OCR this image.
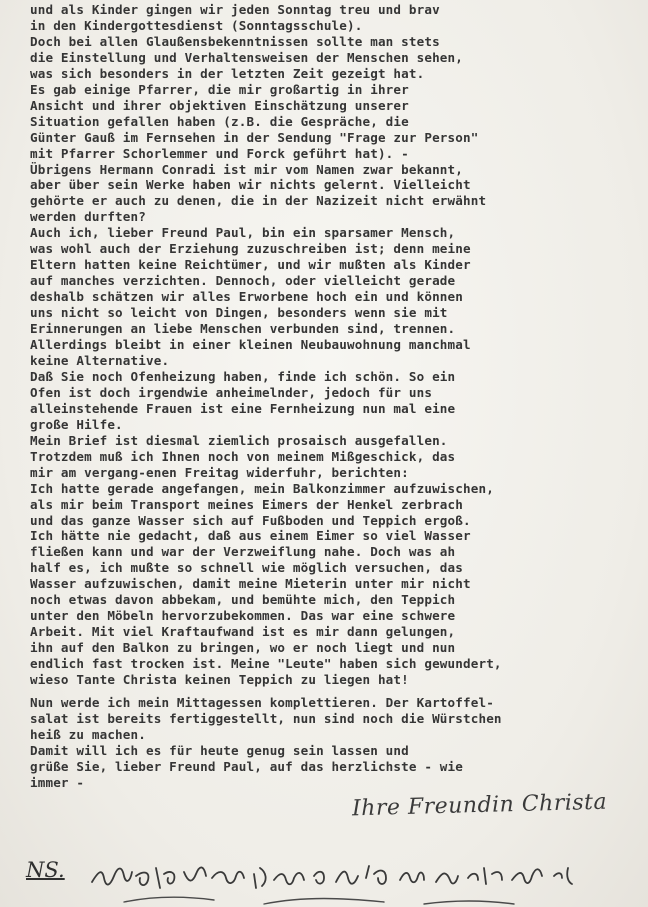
und als Kinder gingen wir jeden Sonntag treu und brav
in den Kindergottesdienst (Sonntagsschule).
Doch bei allen Glaußensbekenntnissen sollte man stets
die Einstellung und Verhaltensweisen der Menschen sehen,
was sich besonders in der letzten Zeit gezeigt hat.
Es gab einige Pfarrer, die mir großartig in ihrer
Ansicht und ihrer objektiven Einschätzung unserer
Situation gefallen haben (z.B. die Gespräche, die
Günter Gauß im Fernsehen in der Sendung "Frage zur Person"
mit Pfarrer Schorlemmer und Forck geführt hat). -
Übrigens Hermann Conradi ist mir vom Namen zwar bekannt,
aber über sein Werke haben wir nichts gelernt. Vielleicht
gehörte er auch zu denen, die in der Nazizeit nicht erwähnt
werden durften?
Auch ich, lieber Freund Paul, bin ein sparsamer Mensch,
was wohl auch der Erziehung zuzuschreiben ist; denn meine
Eltern hatten keine Reichtümer, und wir mußten als Kinder
auf manches verzichten. Dennoch, oder vielleicht gerade
deshalb schätzen wir alles Erworbene hoch ein und können
uns nicht so leicht von Dingen, besonders wenn sie mit
Erinnerungen an liebe Menschen verbunden sind, trennen.
Allerdings bleibt in einer kleinen Neubauwohnung manchmal
keine Alternative.
Daß Sie noch Ofenheizung haben, finde ich schön. So ein
Ofen ist doch irgendwie anheimelnder, jedoch für uns
alleinstehende Frauen ist eine Fernheizung nun mal eine
große Hilfe.
Mein Brief ist diesmal ziemlich prosaisch ausgefallen.
Trotzdem muß ich Ihnen noch von meinem Mißgeschick, das
mir am vergang-enen Freitag widerfuhr, berichten:
Ich hatte gerade angefangen, mein Balkonzimmer aufzuwischen,
als mir beim Transport meines Eimers der Henkel zerbrach
und das ganze Wasser sich auf Fußboden und Teppich ergoß.
Ich hätte nie gedacht, daß aus einem Eimer so viel Wasser
fließen kann und war der Verzweiflung nahe. Doch was ah
half es, ich mußte so schnell wie möglich versuchen, das
Wasser aufzuwischen, damit meine Mieterin unter mir nicht
noch etwas davon abbekam, und bemühte mich, den Teppich
unter den Möbeln hervorzubekommen. Das war eine schwere
Arbeit. Mit viel Kraftaufwand ist es mir dann gelungen,
ihn auf den Balkon zu bringen, wo er noch liegt und nun
endlich fast trocken ist. Meine "Leute" haben sich gewundert,
wieso Tante Christa keinen Teppich zu liegen hat!
Nun werde ich mein Mittagessen komplettieren. Der Kartoffel-
salat ist bereits fertiggestellt, nun sind noch die Würstchen
heiß zu machen.
Damit will ich es für heute genug sein lassen und
grüße Sie, lieber Freund Paul, auf das herzlichste - wie
immer -
Ihre Freundin Christa
NS.
